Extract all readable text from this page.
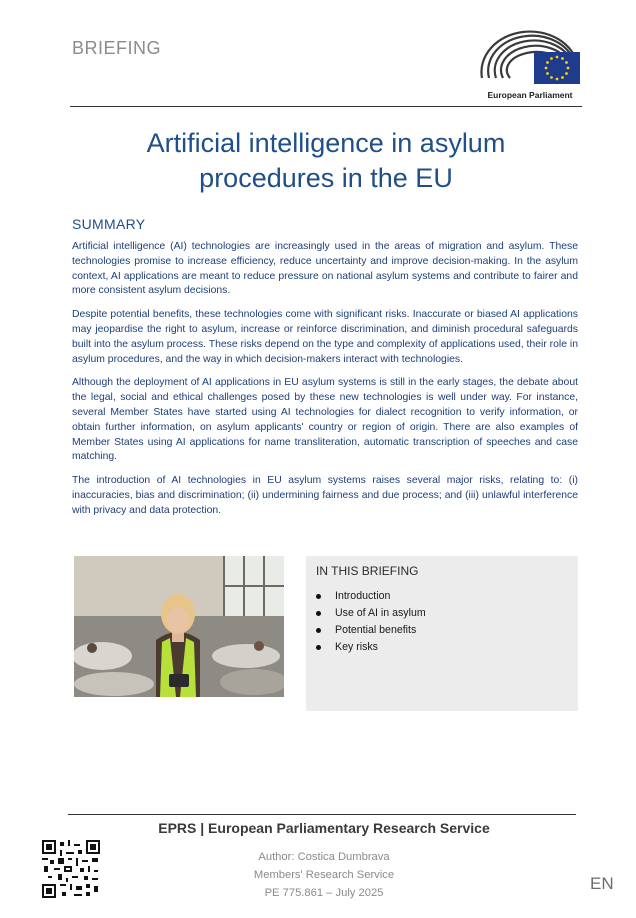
BRIEFING
European Parliament
Artificial intelligence in asylum
procedures in the EU
SUMMARY

Artificial intelligence (AI) technologies are increasingly used in the areas of migration and asylum. These technologies promise to increase efficiency, reduce uncertainty and improve decision-making. In the asylum context, AI applications are meant to reduce pressure on national asylum systems and contribute to fairer and more consistent asylum decisions.

Despite potential benefits, these technologies come with significant risks. Inaccurate or biased AI applications may jeopardise the right to asylum, increase or reinforce discrimination, and diminish procedural safeguards built into the asylum process. These risks depend on the type and complexity of applications used, their role in asylum procedures, and the way in which decision-makers interact with technologies.

Although the deployment of AI applications in EU asylum systems is still in the early stages, the debate about the legal, social and ethical challenges posed by these new technologies is well under way. For instance, several Member States have started using AI technologies for dialect recognition to verify information, or obtain further information, on asylum applicants' country or region of origin. There are also examples of Member States using AI applications for name transliteration, automatic transcription of speeches and case matching.

The introduction of AI technologies in EU asylum systems raises several major risks, relating to: (i) inaccuracies, bias and discrimination; (ii) undermining fairness and due process; and (iii) unlawful interference with privacy and data protection.

IN THIS BRIEFING
Introduction
Use of AI in asylum
Potential benefits
Key risks
EPRS | European Parliamentary Research Service
Author: Costica Dumbrava
Members' Research Service
PE 775.861 – July 2025	EN
